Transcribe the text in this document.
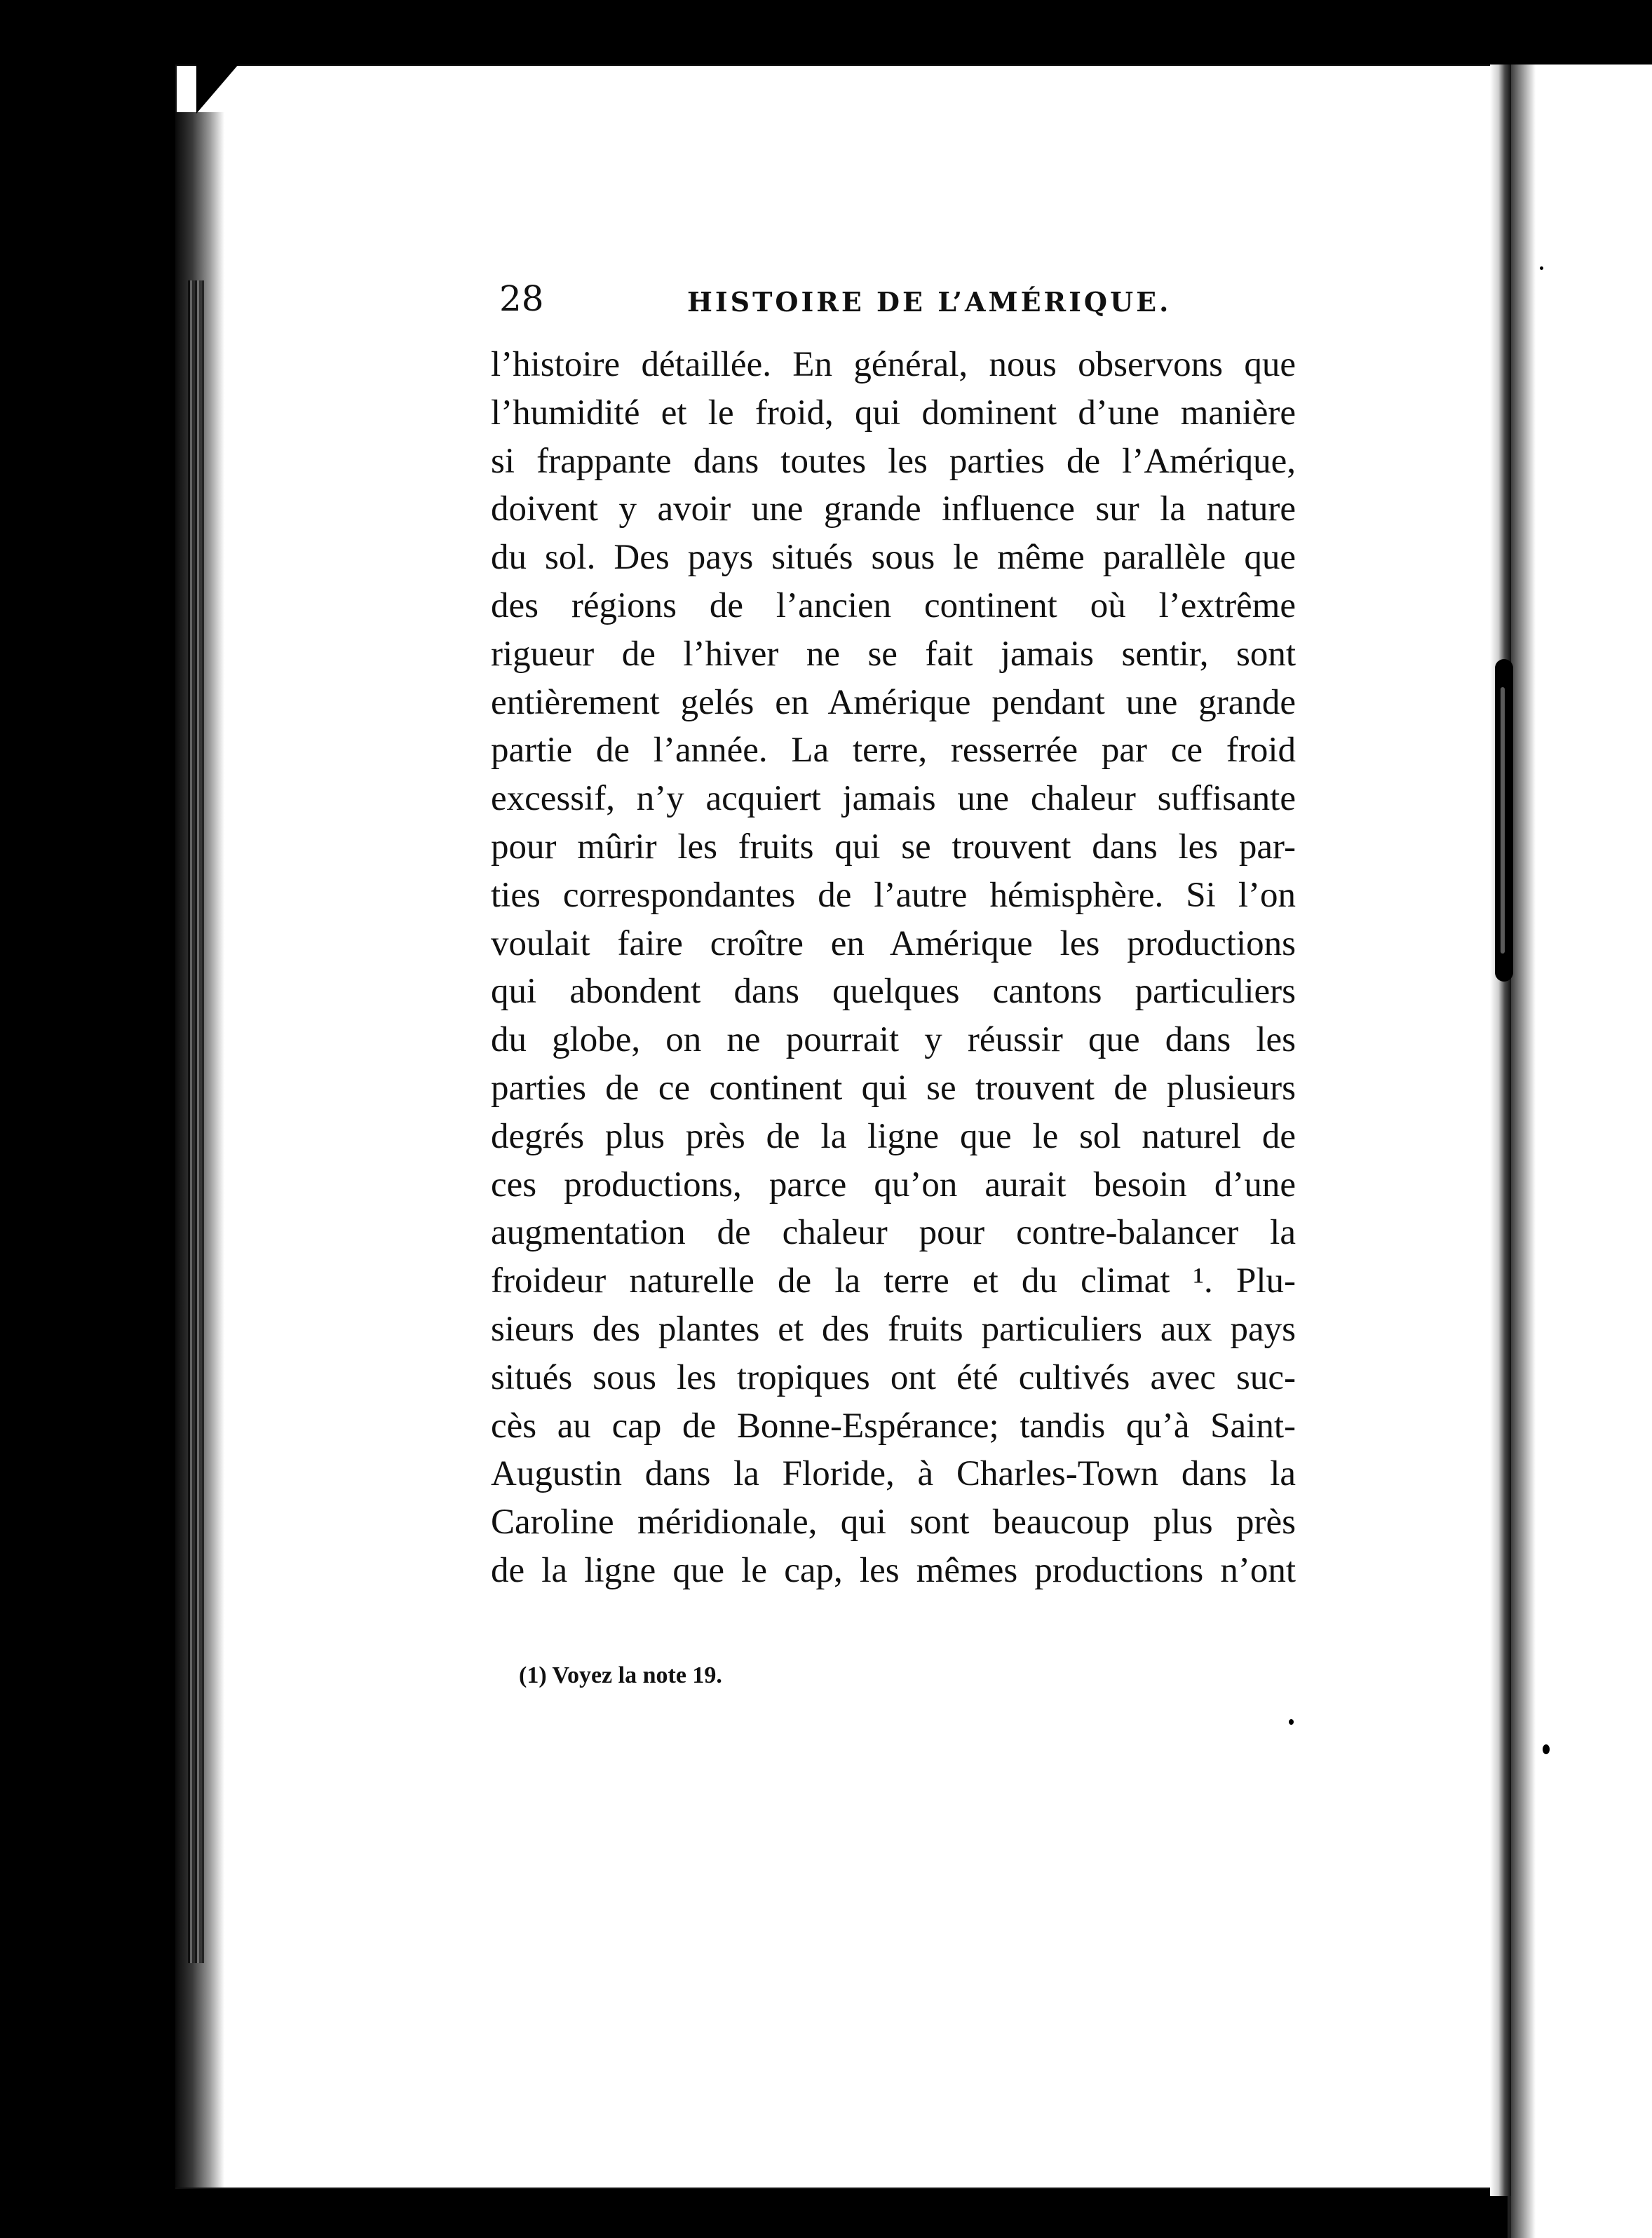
28	HISTOIRE DE L’AMÉRIQUE.
l’histoire détaillée. En général, nous observons que
l’humidité et le froid, qui dominent d’une manière
si frappante dans toutes les parties de l’Amérique,
doivent y avoir une grande influence sur la nature
du sol. Des pays situés sous le même parallèle que
des régions de l’ancien continent où l’extrême
rigueur de l’hiver ne se fait jamais sentir, sont
entièrement gelés en Amérique pendant une grande
partie de l’année. La terre, resserrée par ce froid
excessif, n’y acquiert jamais une chaleur suffisante
pour mûrir les fruits qui se trouvent dans les par-
ties correspondantes de l’autre hémisphère. Si l’on
voulait faire croître en Amérique les productions
qui abondent dans quelques cantons particuliers
du globe, on ne pourrait y réussir que dans les
parties de ce continent qui se trouvent de plusieurs
degrés plus près de la ligne que le sol naturel de
ces productions, parce qu’on aurait besoin d’une
augmentation de chaleur pour contre-balancer la
froideur naturelle de la terre et du climat ¹. Plu-
sieurs des plantes et des fruits particuliers aux pays
situés sous les tropiques ont été cultivés avec suc-
cès au cap de Bonne-Espérance; tandis qu’à Saint-
Augustin dans la Floride, à Charles-Town dans la
Caroline méridionale, qui sont beaucoup plus près
de la ligne que le cap, les mêmes productions n’ont
(1) Voyez la note 19.
